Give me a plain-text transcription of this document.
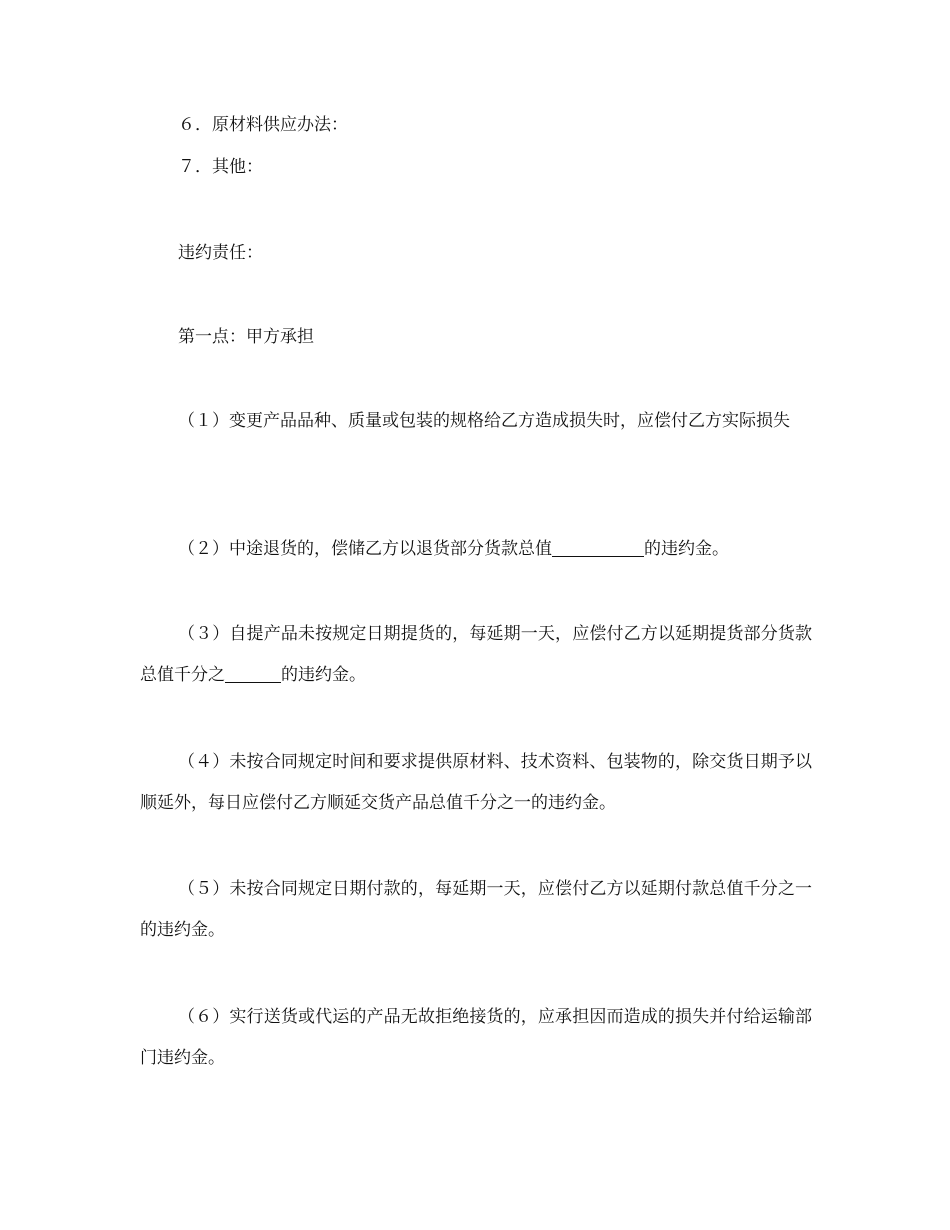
６．原材料供应办法：
７．其他：
违约责任：
第一点：甲方承担
（１）变更产品品种、质量或包装的规格给乙方造成损失时，应偿付乙方实际损失
（２）中途退货的，偿储乙方以退货部分货款总值	的违约金。
（３）自提产品未按规定日期提货的，每延期一天，应偿付乙方以延期提货部分货款总值千分之	的违约金。
（４）未按合同规定时间和要求提供原材料、技术资料、包装物的，除交货日期予以顺延外，每日应偿付乙方顺延交货产品总值千分之一的违约金。
（５）未按合同规定日期付款的，每延期一天，应偿付乙方以延期付款总值千分之一的违约金。
（６）实行送货或代运的产品无故拒绝接货的，应承担因而造成的损失并付给运输部门违约金。
